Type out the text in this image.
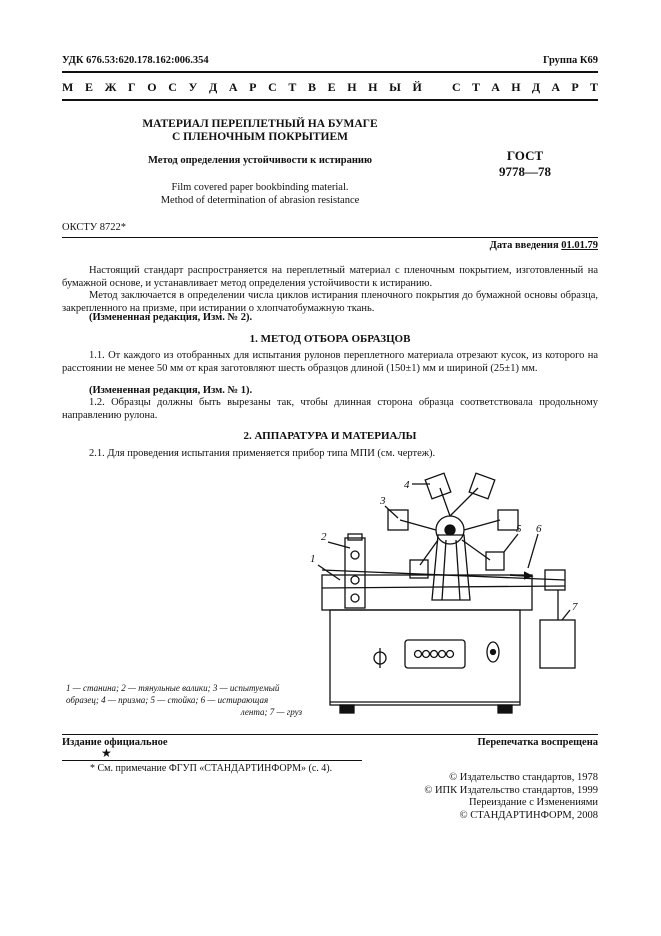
УДК 676.53:620.178.162:006.354	Группа К69
М Е Ж Г О С У Д А Р С Т В Е Н Н Ы Й	С Т А Н Д А Р Т
МАТЕРИАЛ ПЕРЕПЛЕТНЫЙ НА БУМАГЕ
С ПЛЕНОЧНЫМ ПОКРЫТИЕМ
Метод определения устойчивости к истиранию
Film covered paper bookbinding material.
Method of determination of abrasion resistance
ГОСТ
9778—78
ОКСТУ 8722*
Дата введения 01.01.79
Настоящий стандарт распространяется на переплетный материал с пленочным покрытием, изготовленный на бумажной основе, и устанавливает метод определения устойчивости к истиранию.
Метод заключается в определении числа циклов истирания пленочного покрытия до бумажной основы образца, закрепленного на призме, при истирании о хлопчатобумажную ткань.
(Измененная редакция, Изм. № 2).
1. МЕТОД ОТБОРА ОБРАЗЦОВ
1.1. От каждого из отобранных для испытания рулонов переплетного материала отрезают кусок, из которого на расстоянии не менее 50 мм от края заготовляют шесть образцов длиной (150±1) мм и шириной (25±1) мм.
(Измененная редакция, Изм. № 1).
1.2. Образцы должны быть вырезаны так, чтобы длинная сторона образца соответствовала продольному направлению рулона.
2. АППАРАТУРА И МАТЕРИАЛЫ
2.1. Для проведения испытания применяется прибор типа МПИ (см. чертеж).
1
2
3
4
5 6
7
1 — станина; 2 — тянульные валики; 3 — испытуемый
образец; 4 — призма; 5 — стойка; 6 — истирающая
лента; 7 — груз
Издание официальное
★
Перепечатка воспрещена
* См. примечание ФГУП «СТАНДАРТИНФОРМ» (с. 4).
© Издательство стандартов, 1978
© ИПК Издательство стандартов, 1999
Переиздание с Изменениями
© СТАНДАРТИНФОРМ, 2008
